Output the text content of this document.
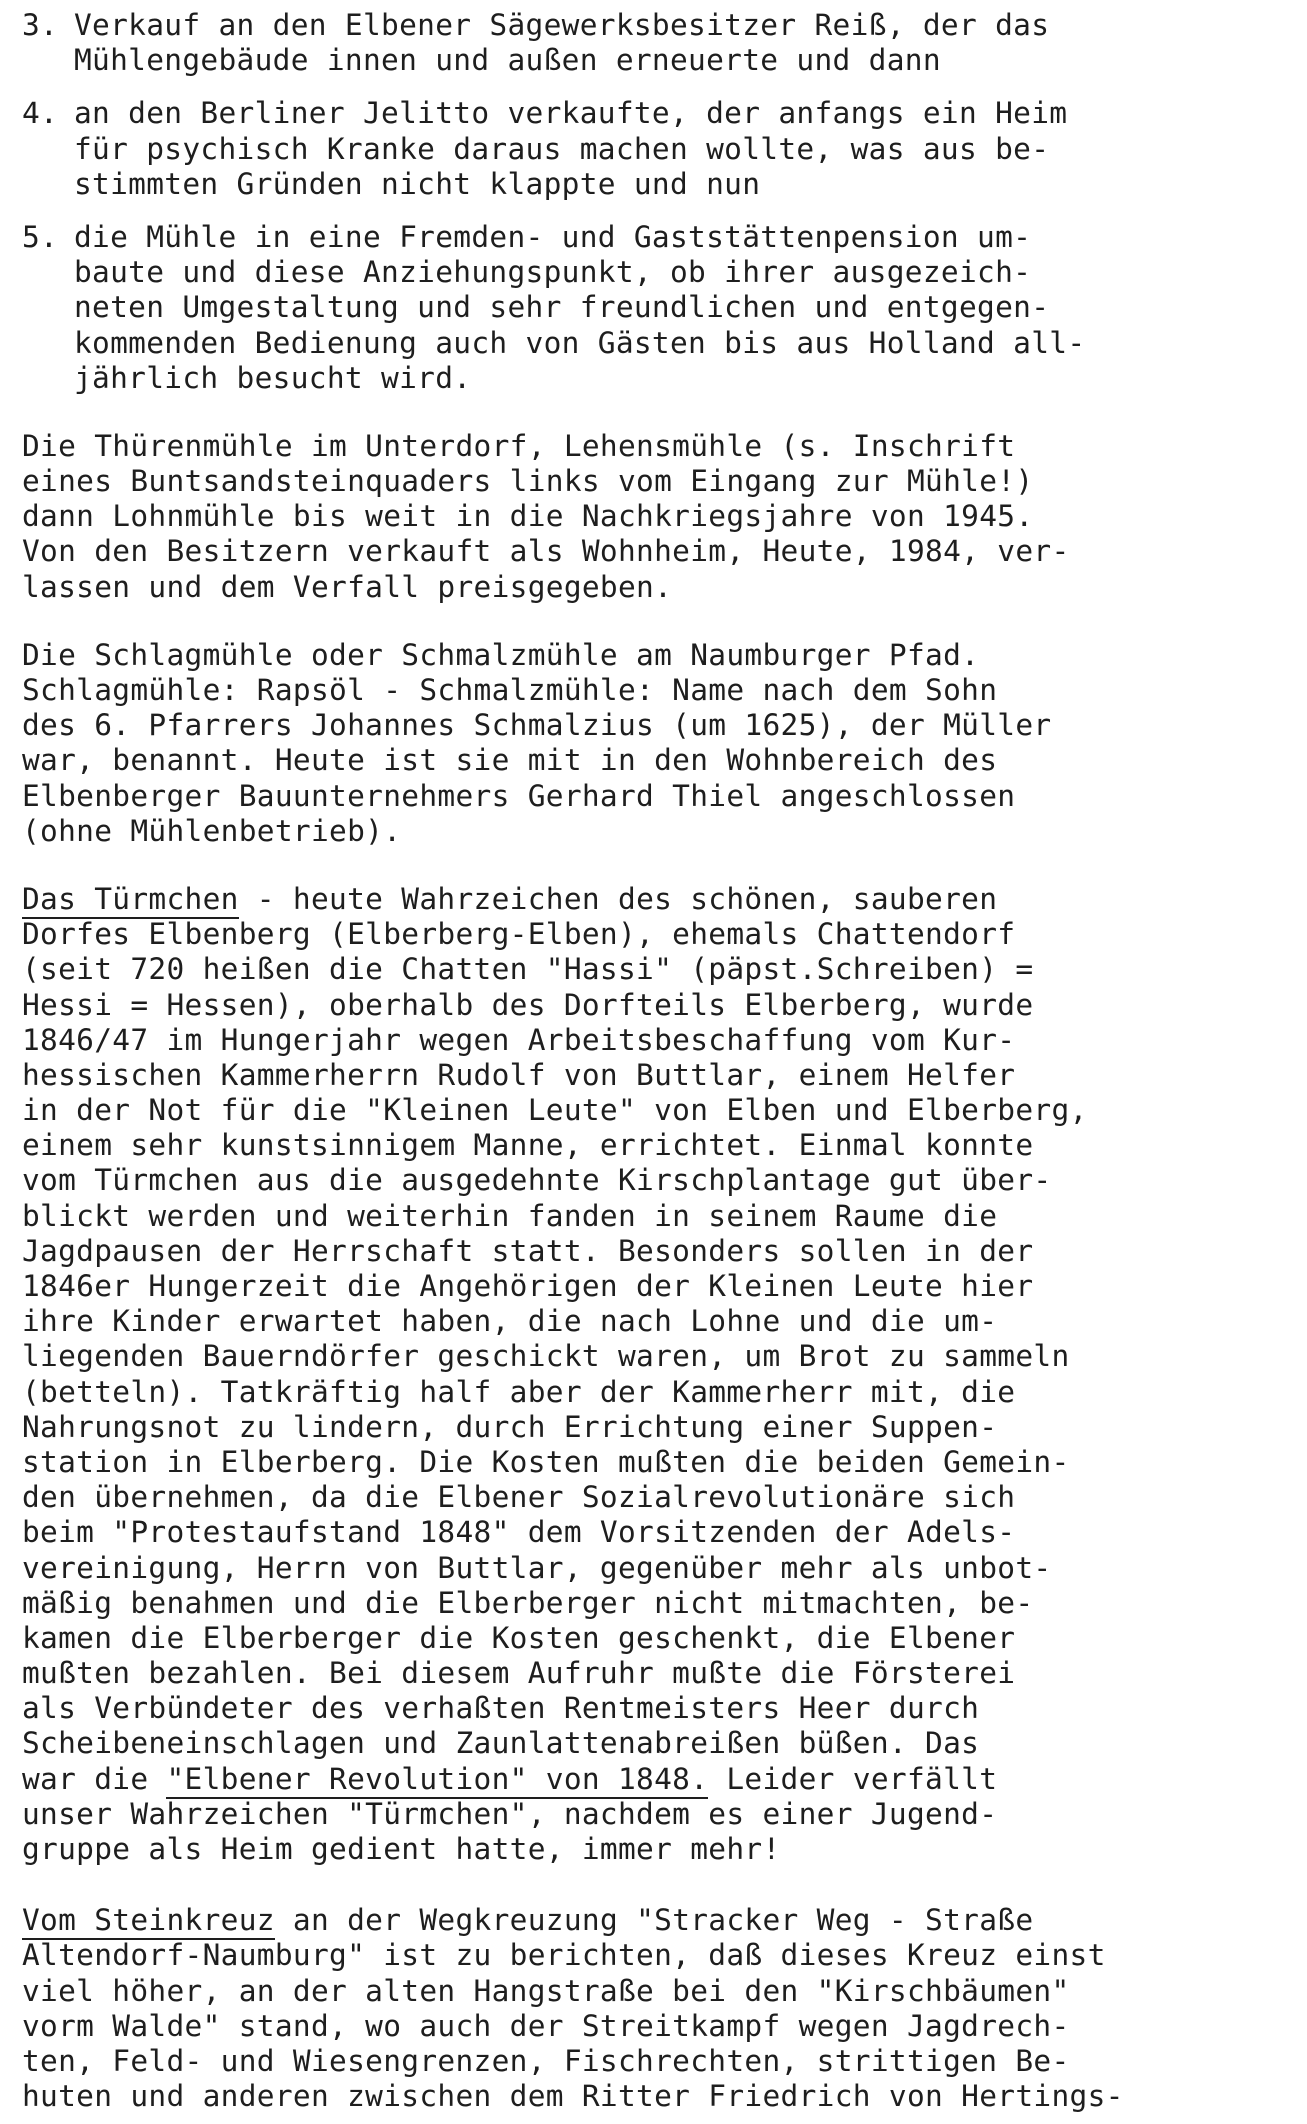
3. Verkauf an den Elbener Sägewerksbesitzer Reiß, der das
Mühlengebäude innen und außen erneuerte und dann
4. an den Berliner Jelitto verkaufte, der anfangs ein Heim
für psychisch Kranke daraus machen wollte, was aus be-
stimmten Gründen nicht klappte und nun
5. die Mühle in eine Fremden- und Gaststättenpension um-
baute und diese Anziehungspunkt, ob ihrer ausgezeich-
neten Umgestaltung und sehr freundlichen und entgegen-
kommenden Bedienung auch von Gästen bis aus Holland all-
jährlich besucht wird.
Die Thürenmühle im Unterdorf, Lehensmühle (s. Inschrift
eines Buntsandsteinquaders links vom Eingang zur Mühle!)
dann Lohnmühle bis weit in die Nachkriegsjahre von 1945.
Von den Besitzern verkauft als Wohnheim, Heute, 1984, ver-
lassen und dem Verfall preisgegeben.
Die Schlagmühle oder Schmalzmühle am Naumburger Pfad.
Schlagmühle: Rapsöl - Schmalzmühle: Name nach dem Sohn
des 6. Pfarrers Johannes Schmalzius (um 1625), der Müller
war, benannt. Heute ist sie mit in den Wohnbereich des
Elbenberger Bauunternehmers Gerhard Thiel angeschlossen
(ohne Mühlenbetrieb).
Das Türmchen - heute Wahrzeichen des schönen, sauberen
Dorfes Elbenberg (Elberberg-Elben), ehemals Chattendorf
(seit 720 heißen die Chatten "Hassi" (päpst.Schreiben) =
Hessi = Hessen), oberhalb des Dorfteils Elberberg, wurde
1846/47 im Hungerjahr wegen Arbeitsbeschaffung vom Kur-
hessischen Kammerherrn Rudolf von Buttlar, einem Helfer
in der Not für die "Kleinen Leute" von Elben und Elberberg,
einem sehr kunstsinnigem Manne, errichtet. Einmal konnte
vom Türmchen aus die ausgedehnte Kirschplantage gut über-
blickt werden und weiterhin fanden in seinem Raume die
Jagdpausen der Herrschaft statt. Besonders sollen in der
1846er Hungerzeit die Angehörigen der Kleinen Leute hier
ihre Kinder erwartet haben, die nach Lohne und die um-
liegenden Bauerndörfer geschickt waren, um Brot zu sammeln
(betteln). Tatkräftig half aber der Kammerherr mit, die
Nahrungsnot zu lindern, durch Errichtung einer Suppen-
station in Elberberg. Die Kosten mußten die beiden Gemein-
den übernehmen, da die Elbener Sozialrevolutionäre sich
beim "Protestaufstand 1848" dem Vorsitzenden der Adels-
vereinigung, Herrn von Buttlar, gegenüber mehr als unbot-
mäßig benahmen und die Elberberger nicht mitmachten, be-
kamen die Elberberger die Kosten geschenkt, die Elbener
mußten bezahlen. Bei diesem Aufruhr mußte die Försterei
als Verbündeter des verhaßten Rentmeisters Heer durch
Scheibeneinschlagen und Zaunlattenabreißen büßen. Das
war die "Elbener Revolution" von 1848. Leider verfällt
unser Wahrzeichen "Türmchen", nachdem es einer Jugend-
gruppe als Heim gedient hatte, immer mehr!
Vom Steinkreuz an der Wegkreuzung "Stracker Weg - Straße
Altendorf-Naumburg" ist zu berichten, daß dieses Kreuz einst
viel höher, an der alten Hangstraße bei den "Kirschbäumen"
vorm Walde" stand, wo auch der Streitkampf wegen Jagdrech-
ten, Feld- und Wiesengrenzen, Fischrechten, strittigen Be-
huten und anderen zwischen dem Ritter Friedrich von Hertings-
